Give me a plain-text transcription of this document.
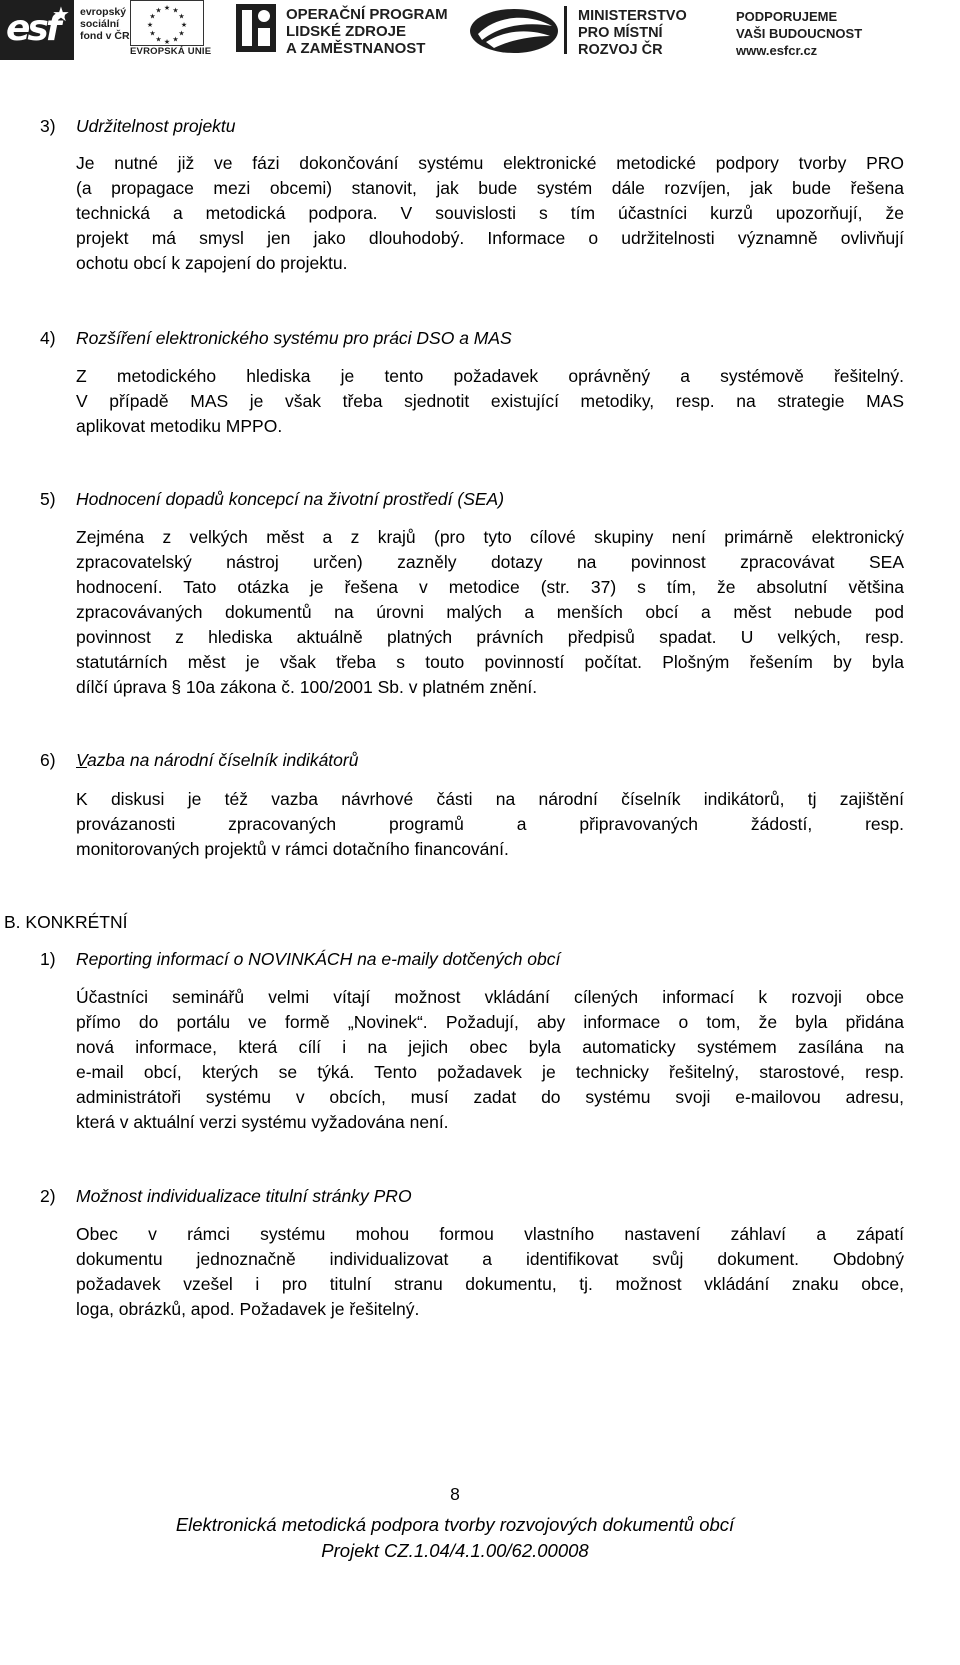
esf
★ evropský
sociální
fond v ČR
★ ★
★
★
★
★
★
★
★
★
★
★
EVROPSKÁ UNIE
OPERAČNÍ PROGRAM
LIDSKÉ ZDROJE
A ZAMĚSTNANOST
MINISTERSTVO
PRO MÍSTNÍ
ROZVOJ ČR
PODPORUJEME
VAŠI BUDOUCNOST
www.esfcr.cz
3) Udržitelnost projektu
Je nutné již ve fázi dokončování systému elektronické metodické podpory tvorby PRO
(a propagace mezi obcemi) stanovit, jak bude systém dále rozvíjen, jak bude řešena
technická a metodická podpora. V souvislosti s tím účastníci kurzů upozorňují, že
projekt má smysl jen jako dlouhodobý. Informace o udržitelnosti významně ovlivňují
ochotu obcí k zapojení do projektu.
4) Rozšíření elektronického systému pro práci DSO a MAS
Z metodického hlediska je tento požadavek oprávněný a systémově řešitelný.
V případě MAS je však třeba sjednotit existující metodiky, resp. na strategie MAS
aplikovat metodiku MPPO.
5) Hodnocení dopadů koncepcí na životní prostředí (SEA)
Zejména z velkých měst a z krajů (pro tyto cílové skupiny není primárně elektronický
zpracovatelský nástroj určen) zazněly dotazy na povinnost zpracovávat SEA
hodnocení. Tato otázka je řešena v metodice (str. 37) s tím, že absolutní většina
zpracovávaných dokumentů na úrovni malých a menších obcí a měst nebude pod
povinnost z hlediska aktuálně platných právních předpisů spadat. U velkých, resp.
statutárních měst je však třeba s touto povinností počítat. Plošným řešením by byla
dílčí úprava § 10a zákona č. 100/2001 Sb. v platném znění.
6) Vazba na národní číselník indikátorů
K diskusi je též vazba návrhové části na národní číselník indikátorů, tj zajištění
provázanosti zpracovaných programů a připravovaných žádostí, resp.
monitorovaných projektů v rámci dotačního financování.
B. KONKRÉTNÍ
1) Reporting informací o NOVINKÁCH na e-maily dotčených obcí
Účastníci seminářů velmi vítají možnost vkládání cílených informací k rozvoji obce
přímo do portálu ve formě „Novinek“. Požadují, aby informace o tom, že byla přidána
nová informace, která cílí i na jejich obec byla automaticky systémem zasílána na
e-mail obcí, kterých se týká. Tento požadavek je technicky řešitelný, starostové, resp.
administrátoři systému v obcích, musí zadat do systému svoji e-mailovou adresu,
která v aktuální verzi systému vyžadována není.
2) Možnost individualizace titulní stránky PRO
Obec v rámci systému mohou formou vlastního nastavení záhlaví a zápatí
dokumentu jednoznačně individualizovat a identifikovat svůj dokument. Obdobný
požadavek vzešel i pro titulní stranu dokumentu, tj. možnost vkládání znaku obce,
loga, obrázků, apod. Požadavek je řešitelný.
8
Elektronická metodická podpora tvorby rozvojových dokumentů obcí
Projekt CZ.1.04/4.1.00/62.00008
